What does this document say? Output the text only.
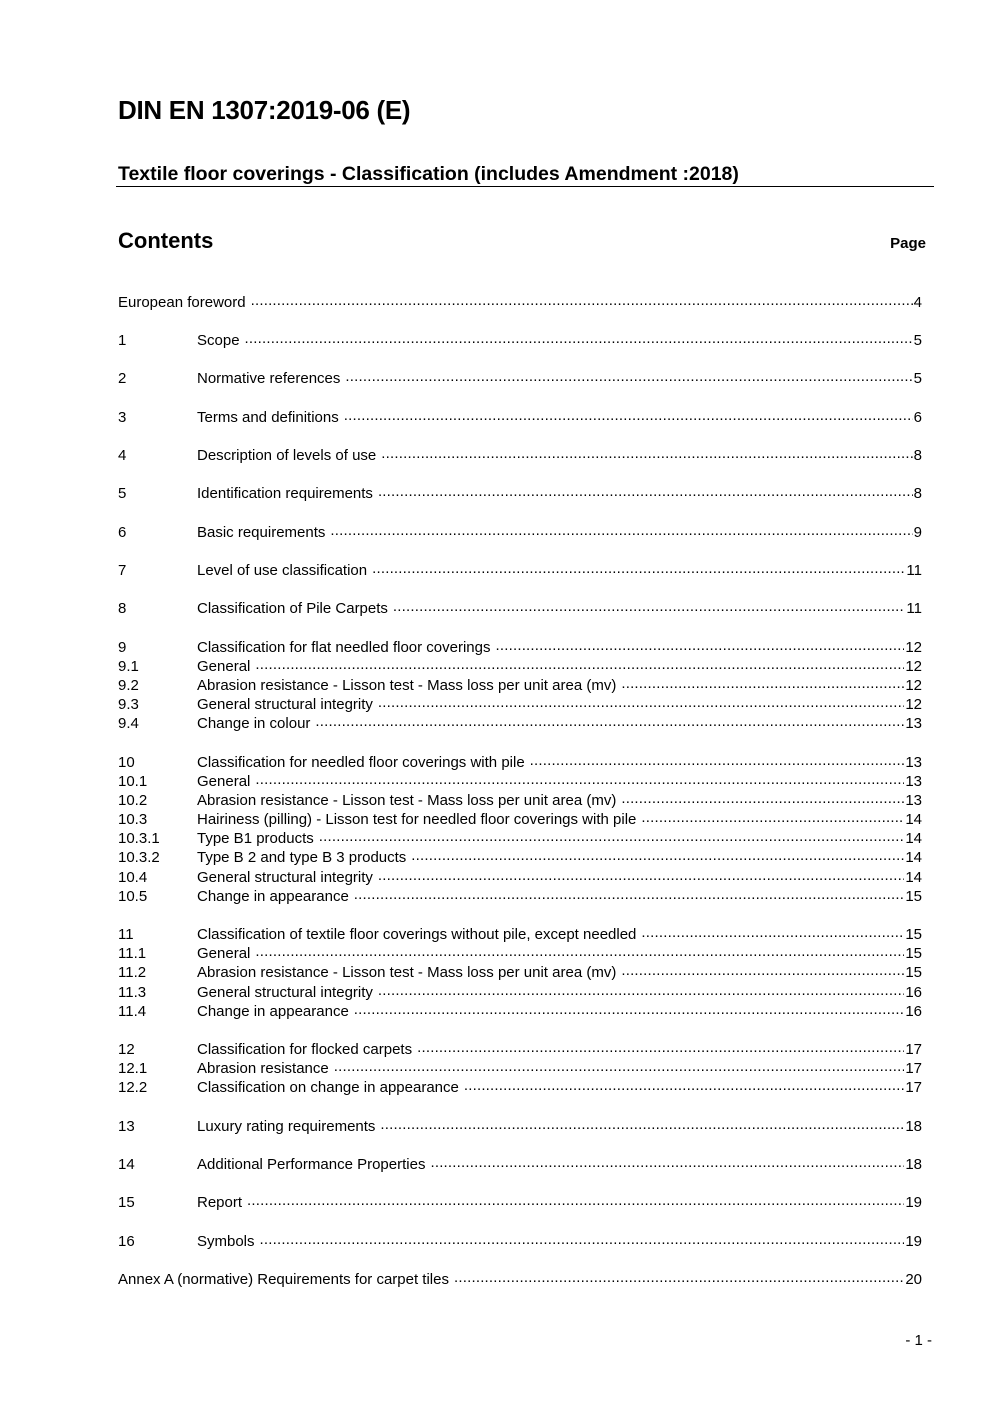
DIN EN 1307:2019-06 (E)
Textile floor coverings - Classification (includes Amendment :2018)
Contents	Page
European foreword .....	4
1	Scope .....	5
2	Normative references .....	5
3	Terms and definitions .....	6
4	Description of levels of use .....	8
5	Identification requirements .....	8
6	Basic requirements .....	9
7	Level of use classification .....	11
8	Classification of Pile Carpets .....	11
9	Classification for flat needled floor coverings .....	12
9.1	General .....	12
9.2	Abrasion resistance - Lisson test - Mass loss per unit area (mv) .....	12
9.3	General structural integrity .....	12
9.4	Change in colour .....	13
10	Classification for needled floor coverings with pile .....	13
10.1	General .....	13
10.2	Abrasion resistance - Lisson test - Mass loss per unit area (mv) .....	13
10.3	Hairiness (pilling) - Lisson test for needled floor coverings with pile .....	14
10.3.1	Type B1 products .....	14
10.3.2	Type B 2 and type B 3 products .....	14
10.4	General structural integrity .....	14
10.5	Change in appearance .....	15
11	Classification of textile floor coverings without pile, except needled .....	15
11.1	General .....	15
11.2	Abrasion resistance - Lisson test - Mass loss per unit area (mv) .....	15
11.3	General structural integrity .....	16
11.4	Change in appearance .....	16
12	Classification for flocked carpets .....	17
12.1	Abrasion resistance .....	17
12.2	Classification on change in appearance .....	17
13	Luxury rating requirements .....	18
14	Additional Performance Properties .....	18
15	Report .....	19
16	Symbols .....	19
Annex A (normative) Requirements for carpet tiles .....	20
- 1 -
